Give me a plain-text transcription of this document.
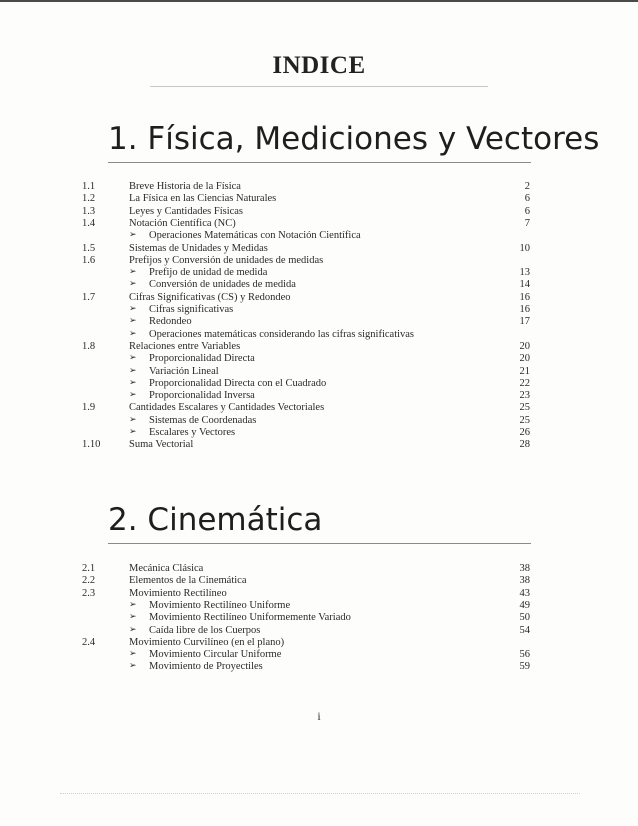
INDICE
1. Física, Mediciones y Vectores
1.1	Breve Historia de la Física	2
1.2	La Física en las Ciencias Naturales	6
1.3	Leyes y Cantidades Físicas	6
1.4	Notación Científica (NC)	7
➢ Operaciones Matemáticas con Notación Científica
1.5	Sistemas de Unidades y Medidas	10
1.6	Prefijos y Conversión de unidades de medidas
➢ Prefijo de unidad de medida	13
➢ Conversión de unidades de medida	14
1.7	Cifras Significativas (CS) y Redondeo	16
➢ Cifras significativas	16
➢ Redondeo	17
➢ Operaciones matemáticas considerando las cifras significativas
1.8	Relaciones entre Variables	20
➢ Proporcionalidad Directa	20
➢ Variación Lineal	21
➢ Proporcionalidad Directa con el Cuadrado	22
➢ Proporcionalidad Inversa	23
1.9	Cantidades Escalares y Cantidades Vectoriales	25
➢ Sistemas de Coordenadas	25
➢ Escalares y Vectores	26
1.10	Suma Vectorial	28
2. Cinemática
2.1	Mecánica Clásica	38
2.2	Elementos de la Cinemática	38
2.3	Movimiento Rectilíneo	43
➢ Movimiento Rectilíneo Uniforme	49
➢ Movimiento Rectilíneo Uniformemente Variado	50
➢ Caída libre de los Cuerpos	54
2.4	Movimiento Curvilíneo (en el plano)
➢ Movimiento Circular Uniforme	56
➢ Movimiento de Proyectiles	59
i
